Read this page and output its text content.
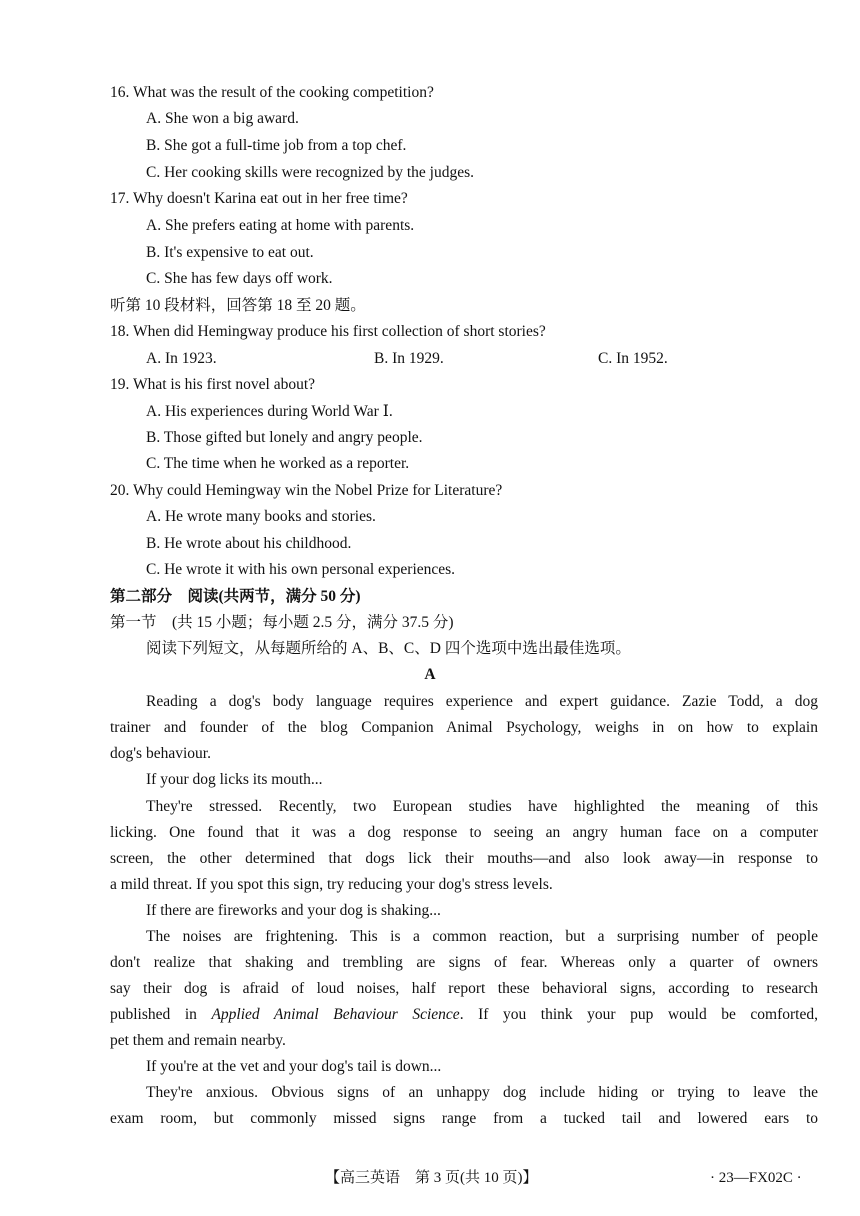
16. What was the result of the cooking competition?
A. She won a big award.
B. She got a full-time job from a top chef.
C. Her cooking skills were recognized by the judges.
17. Why doesn't Karina eat out in her free time?
A. She prefers eating at home with parents.
B. It's expensive to eat out.
C. She has few days off work.
听第 10 段材料，回答第 18 至 20 题。
18. When did Hemingway produce his first collection of short stories?
A. In 1923.	B. In 1929.	C. In 1952.
19. What is his first novel about?
A. His experiences during World War Ⅰ.
B. Those gifted but lonely and angry people.
C. The time when he worked as a reporter.
20. Why could Hemingway win the Nobel Prize for Literature?
A. He wrote many books and stories.
B. He wrote about his childhood.
C. He wrote it with his own personal experiences.
第二部分　阅读(共两节，满分 50 分)
第一节　(共 15 小题；每小题 2.5 分，满分 37.5 分)
阅读下列短文，从每题所给的 A、B、C、D 四个选项中选出最佳选项。
A
Reading a dog's body language requires experience and expert guidance. Zazie Todd, a dog
trainer and founder of the blog Companion Animal Psychology, weighs in on how to explain
dog's behaviour.
If your dog licks its mouth...
They're stressed. Recently, two European studies have highlighted the meaning of this
licking. One found that it was a dog response to seeing an angry human face on a computer
screen, the other determined that dogs lick their mouths—and also look away—in response to
a mild threat. If you spot this sign, try reducing your dog's stress levels.
If there are fireworks and your dog is shaking...
The noises are frightening. This is a common reaction, but a surprising number of people
don't realize that shaking and trembling are signs of fear. Whereas only a quarter of owners
say their dog is afraid of loud noises, half report these behavioral signs, according to research
published in Applied Animal Behaviour Science. If you think your pup would be comforted,
pet them and remain nearby.
If you're at the vet and your dog's tail is down...
They're anxious. Obvious signs of an unhappy dog include hiding or trying to leave the
exam room, but commonly missed signs range from a tucked tail and lowered ears to
【高三英语　第 3 页(共 10 页)】	· 23—FX02C ·
